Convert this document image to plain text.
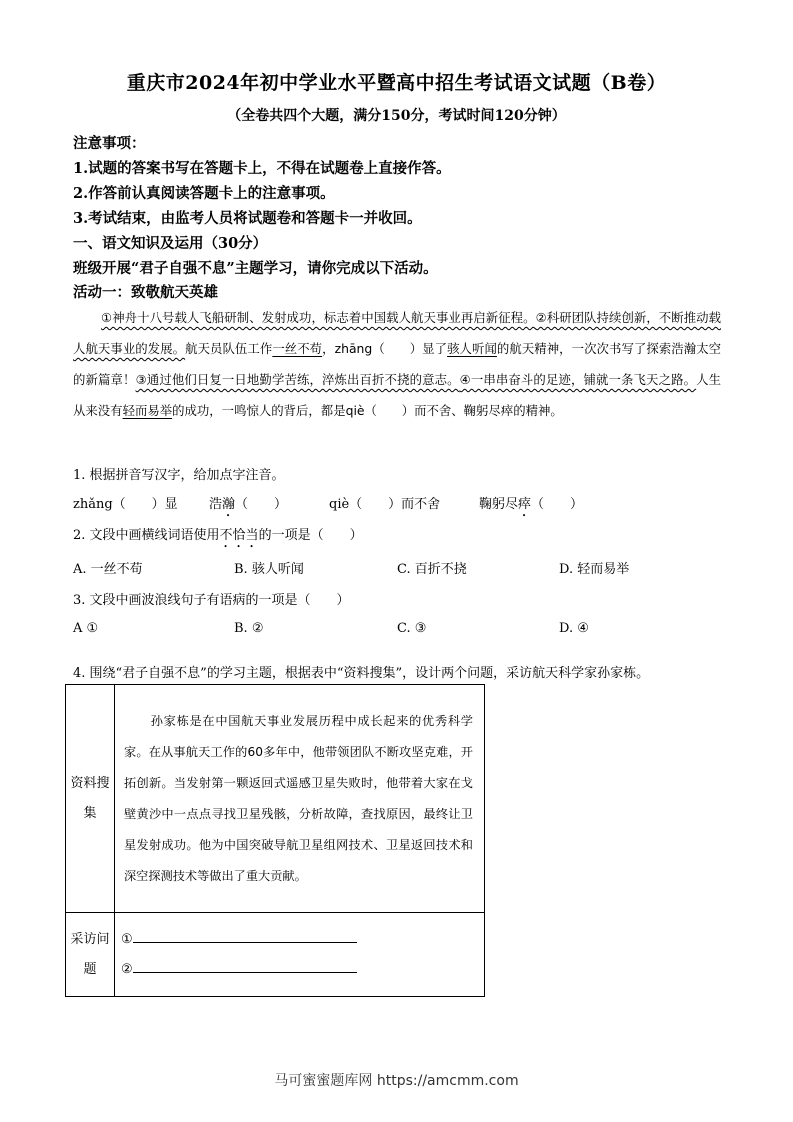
重庆市2024年初中学业水平暨高中招生考试语文试题（B卷）
（全卷共四个大题，满分150分，考试时间120分钟）
注意事项：
1.试题的答案书写在答题卡上，不得在试题卷上直接作答。
2.作答前认真阅读答题卡上的注意事项。
3.考试结束，由监考人员将试题卷和答题卡一并收回。
一、语文知识及运用（30分）
班级开展“君子自强不息”主题学习，请你完成以下活动。
活动一：致敬航天英雄
①神舟十八号载人飞船研制、发射成功，标志着中国载人航天事业再启新征程。②科研团队持续创新，不断推动载人航天事业的发展。航天员队伍工作一丝不苟，zhāng（　　）显了骇人听闻的航天精神，一次次书写了探索浩瀚太空的新篇章！③通过他们日复一日地勤学苦练，淬炼出百折不挠的意志。④一串串奋斗的足迹，铺就一条飞天之路。人生从来没有轻而易举的成功，一鸣惊人的背后，都是qiè（　　）而不舍、鞠躬尽瘁的精神。
1. 根据拼音写汉字，给加点字注音。
zhǎng（　　）显 浩瀚（　　）	qiè（　　）而不舍	鞠躬尽瘁（　　）
2. 文段中画横线词语使用不恰当的一项是（　　）
A. 一丝不苟	B. 骇人听闻	C. 百折不挠	D. 轻而易举
3. 文段中画波浪线句子有语病的一项是（　　）
A ①	B. ②	C. ③	D. ④
4. 围绕“君子自强不息”的学习主题，根据表中“资料搜集”，设计两个问题，采访航天科学家孙家栋。
资料搜集	孙家栋是在中国航天事业发展历程中成长起来的优秀科学家。在从事航天工作的60多年中，他带领团队不断攻坚克难，开拓创新。当发射第一颗返回式遥感卫星失败时，他带着大家在戈壁黄沙中一点点寻找卫星残骸，分析故障，查找原因，最终让卫星发射成功。他为中国突破导航卫星组网技术、卫星返回技术和深空探测技术等做出了重大贡献。

采访问题	①
②
马可蜜蜜题库网 https://amcmm.com
